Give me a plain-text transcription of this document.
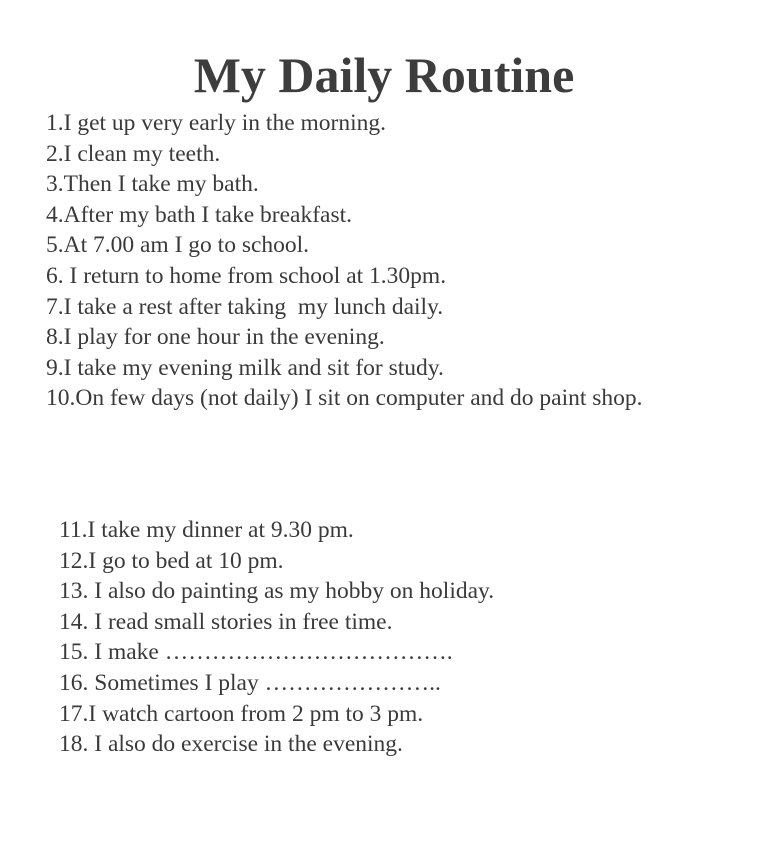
My Daily Routine
1.I get up very early in the morning.
2.I clean my teeth.
3.Then I take my bath.
4.After my bath I take breakfast.
5.At 7.00 am I go to school.
6. I return to home from school at 1.30pm.
7.I take a rest after taking  my lunch daily.
8.I play for one hour in the evening.
9.I take my evening milk and sit for study.
10.On few days (not daily) I sit on computer and do paint shop.
11.I take my dinner at 9.30 pm.
12.I go to bed at 10 pm.
13. I also do painting as my hobby on holiday.
14. I read small stories in free time.
15. I make ……………………………….
16. Sometimes I play …………………..
17.I watch cartoon from 2 pm to 3 pm.
18. I also do exercise in the evening.
